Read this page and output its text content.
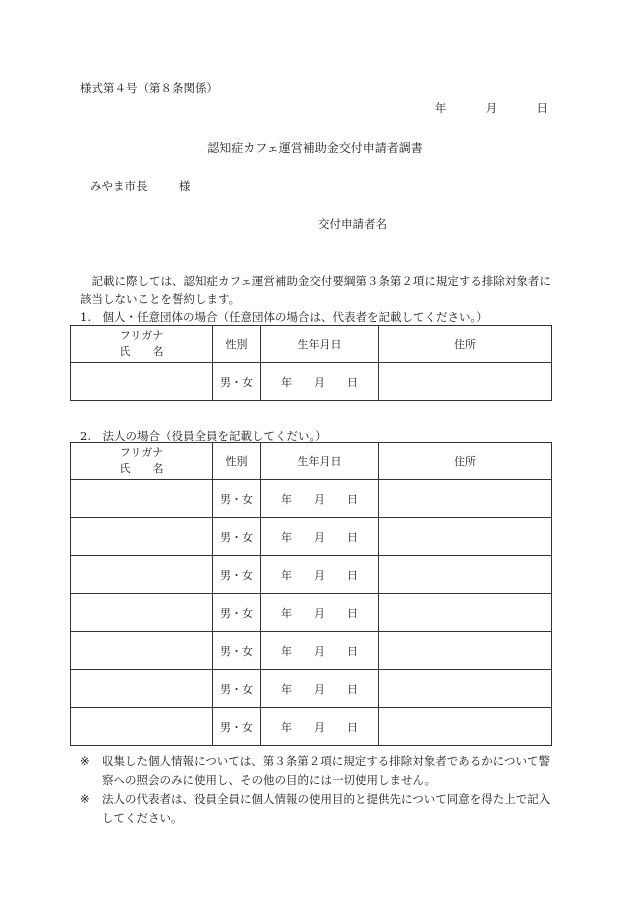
様式第４号（第８条関係）
年	月	日
認知症カフェ運営補助金交付申請者調書
みやま市長	様
交付申請者名
記載に際しては、認知症カフェ運営補助金交付要綱第３条第２項に規定する排除対象者に該当しないことを誓約します。
1.　個人・任意団体の場合（任意団体の場合は、代表者を記載してください。）
フリガナ
氏　　名	性別	生年月日	住所
	男・女	年 月 日	
2.　法人の場合（役員全員を記載してくだい。）
フリガナ
氏　　名	性別	生年月日	住所
	男・女	年 月 日	
	男・女	年 月 日	
	男・女	年 月 日	
	男・女	年 月 日	
	男・女	年 月 日	
	男・女	年 月 日	
	男・女	年 月 日	
※	収集した個人情報については、第３条第２項に規定する排除対象者であるかについて警察への照会のみに使用し、その他の目的には一切使用しません。
※	法人の代表者は、役員全員に個人情報の使用目的と提供先について同意を得た上で記入してください。
